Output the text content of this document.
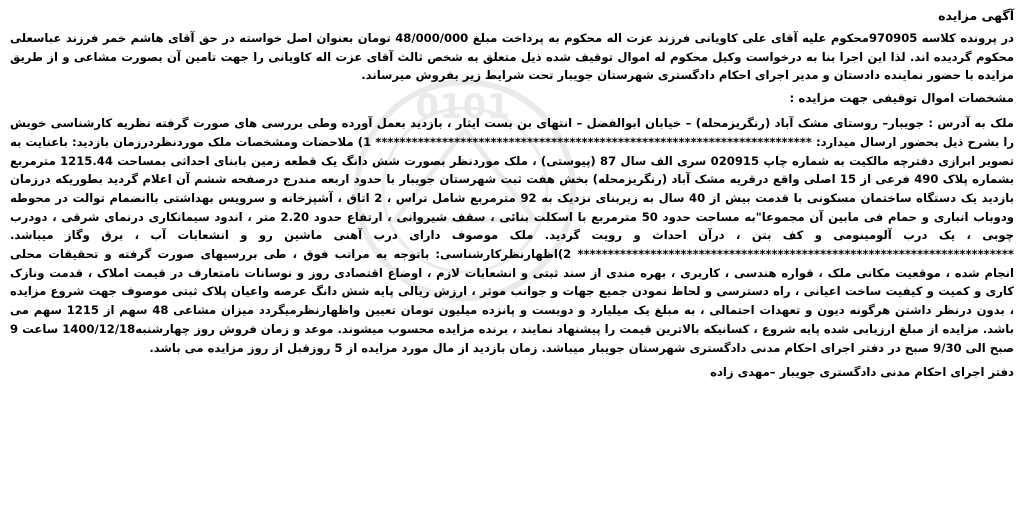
0101
آگهی مزایده

در پرونده کلاسه 970905محکوم علیه آقای علی کاویانی فرزند عزت اله محکوم به پرداخت مبلغ 48/000/000 تومان بعنوان اصل خواسته در حق آقای هاشم خمر فرزند عباسعلی محکوم گردیده اند. لذا این اجرا بنا به درخواست وکیل محکوم له اموال توقیف شده ذیل متعلق به شخص ثالث آقای عزت اله کاویانی را جهت تامین آن بصورت مشاعی و از طریق مزایده با حضور نماینده دادستان و مدیر اجرای احکام دادگستری شهرستان جویبار تحت شرایط زیر بفروش میرساند.

مشخصات اموال توقیفی جهت مزایده :

ملک به آدرس : جویبار– روستای مشک آباد (رنگریزمحله) – خیابان ابوالفضل – انتهای بن بست ایثار ، بازدید بعمل آورده وطی بررسی های صورت گرفته نظریه کارشناسی خویش را بشرح ذیل بحضور ارسال میدارد: ************************************************************************ 1) ملاحضات ومشخصات ملک موردنظردرزمان بازدید: باعنایت به تصویر ابرازی دفترچه مالکیت به شماره چاپ 020915 سری الف سال 87 (پیوستی) ، ملک موردنظر بصورت شش دانگ یک قطعه زمین بابنای احداثی بمساحت 1215.44 مترمربع بشماره پلاک 490 فرعی از 15 اصلی واقع درقریه مشک آباد (رنگریزمحله) بخش هفت ثبت شهرستان جویبار با حدود اربعه مندرج درصفحه ششم آن اعلام گردید بطوریکه درزمان بازدید یک دستگاه ساختمان مسکونی با قدمت بیش از 40 سال به زیربنای نزدیک به 92 مترمربع شامل تراس ، 2 اتاق ، آشپزخانه و سرویس بهداشتی باانضمام توالت در محوطه ودوباب انباری و حمام فی مابین آن مجموعا"به مساحت حدود 50 مترمربع با اسکلت بنائی ، سقف شیروانی ، ارتفاع حدود 2.20 متر ، اندود سیمانکاری درنمای شرقی ، دودرب چوبی ، یک درب آلومینومی و کف بتن ، درآن احداث و رویت گردید. ملک موصوف دارای درب آهنی ماشین رو و انشعابات آب ، برق وگاز میباشد. ************************************************************************ 2)اظهارنظرکارشناسی: باتوجه به مراتب فوق ، طی بررسیهای صورت گرفته و تحقیقات محلی انجام شده ، موقعیت مکانی ملک ، قواره هندسی ، کاربری ، بهره مندی از سند ثبتی و انشعابات لازم ، اوضاع اقتصادی روز و نوسانات نامتعارف در قیمت املاک ، قدمت ونازک کاری و کمیت و کیفیت ساخت اعیانی ، راه دسترسی و لحاظ نمودن جمیع جهات و جوانب موثر ، ارزش ریالی پایه شش دانگ عرصه واعیان پلاک ثبتی موصوف جهت شروع مزایده ، بدون درنظر داشتن هرگونه دیون و تعهدات احتمالی ، به مبلغ یک میلیارد و دویست و پانزده میلیون تومان تعیین واظهارنظرمیگردد میزان مشاعی 48 سهم از 1215 سهم می باشد. مزایده از مبلغ ارزیابی شده پایه شروع ، کسانیکه بالاترین قیمت را پیشنهاد نمایند ، برنده مزایده محسوب میشوند. موعد و زمان فروش روز چهارشنبه1400/12/18 ساعت 9 صبح الی 9/30 صبح در دفتر اجرای احکام مدنی دادگستری شهرستان جویبار میباشد. زمان بازدید از مال مورد مزایده از 5 روزقبل از روز مزایده می باشد.

دفتر اجرای احکام مدنی دادگستری جویبار –مهدی زاده
